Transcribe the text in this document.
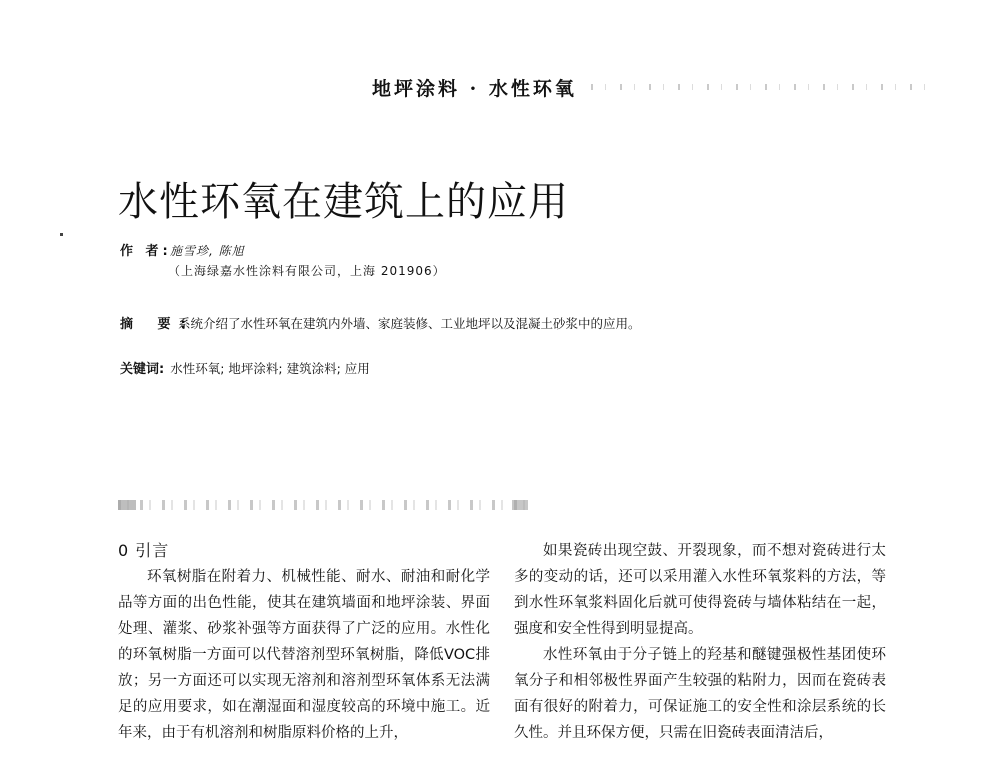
地坪涂料 · 水性环氧
水性环氧在建筑上的应用
作 者:
施雪珍, 陈旭
（上海绿嘉水性涂料有限公司，上海 201906）
摘 要:
系统介绍了水性环氧在建筑内外墙、家庭装修、工业地坪以及混凝土砂浆中的应用。
关键词: 水性环氧; 地坪涂料; 建筑涂料; 应用
0 引言

环氧树脂在附着力、机械性能、耐水、耐油和耐化学品等方面的出色性能，使其在建筑墙面和地坪涂装、界面处理、灌浆、砂浆补强等方面获得了广泛的应用。水性化的环氧树脂一方面可以代替溶剂型环氧树脂，降低VOC排放；另一方面还可以实现无溶剂和溶剂型环氧体系无法满足的应用要求，如在潮湿面和湿度较高的环境中施工。近年来，由于有机溶剂和树脂原料价格的上升，

如果瓷砖出现空鼓、开裂现象，而不想对瓷砖进行太多的变动的话，还可以采用灌入水性环氧浆料的方法，等到水性环氧浆料固化后就可使得瓷砖与墙体粘结在一起，强度和安全性得到明显提高。

水性环氧由于分子链上的羟基和醚键强极性基团使环氧分子和相邻极性界面产生较强的粘附力，因而在瓷砖表面有很好的附着力，可保证施工的安全性和涂层系统的长久性。并且环保方便，只需在旧瓷砖表面清洁后，
